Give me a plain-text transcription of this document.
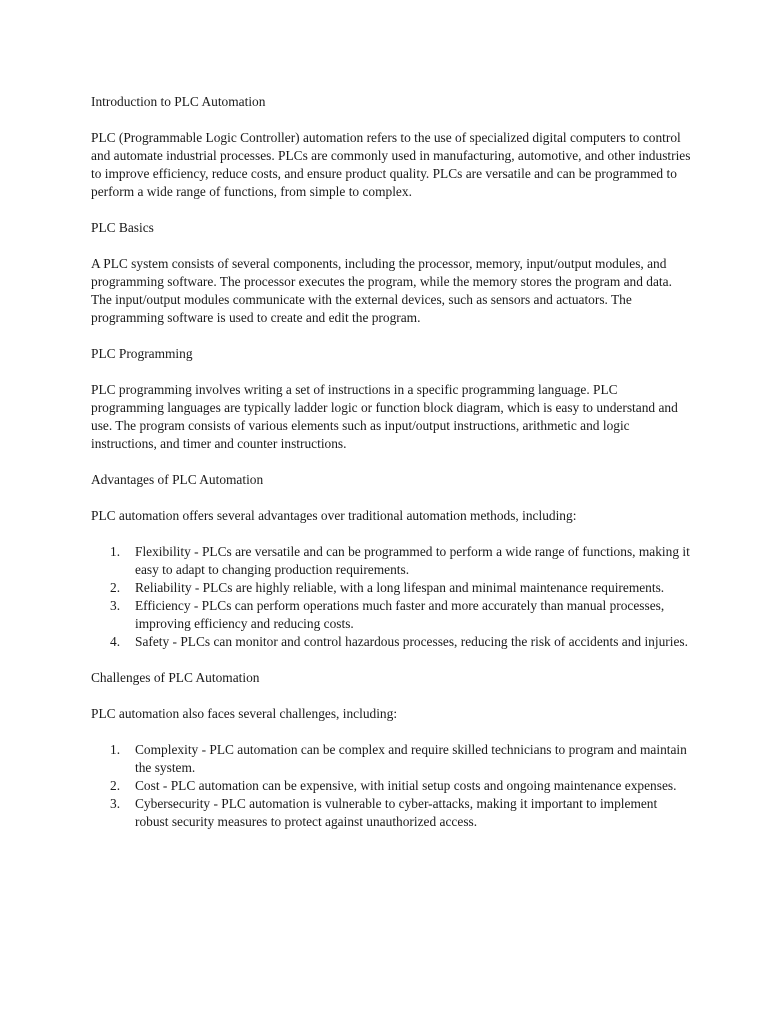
Introduction to PLC Automation

PLC (Programmable Logic Controller) automation refers to the use of specialized digital computers to control and automate industrial processes. PLCs are commonly used in manufacturing, automotive, and other industries to improve efficiency, reduce costs, and ensure product quality. PLCs are versatile and can be programmed to perform a wide range of functions, from simple to complex.

PLC Basics

A PLC system consists of several components, including the processor, memory, input/output modules, and programming software. The processor executes the program, while the memory stores the program and data. The input/output modules communicate with the external devices, such as sensors and actuators. The programming software is used to create and edit the program.

PLC Programming

PLC programming involves writing a set of instructions in a specific programming language. PLC programming languages are typically ladder logic or function block diagram, which is easy to understand and use. The program consists of various elements such as input/output instructions, arithmetic and logic instructions, and timer and counter instructions.

Advantages of PLC Automation

PLC automation offers several advantages over traditional automation methods, including:

1. Flexibility - PLCs are versatile and can be programmed to perform a wide range of functions, making it easy to adapt to changing production requirements.
2. Reliability - PLCs are highly reliable, with a long lifespan and minimal maintenance requirements.
3. Efficiency - PLCs can perform operations much faster and more accurately than manual processes, improving efficiency and reducing costs.
4. Safety - PLCs can monitor and control hazardous processes, reducing the risk of accidents and injuries.

Challenges of PLC Automation

PLC automation also faces several challenges, including:

1. Complexity - PLC automation can be complex and require skilled technicians to program and maintain the system.
2. Cost - PLC automation can be expensive, with initial setup costs and ongoing maintenance expenses.
3. Cybersecurity - PLC automation is vulnerable to cyber-attacks, making it important to implement robust security measures to protect against unauthorized access.
